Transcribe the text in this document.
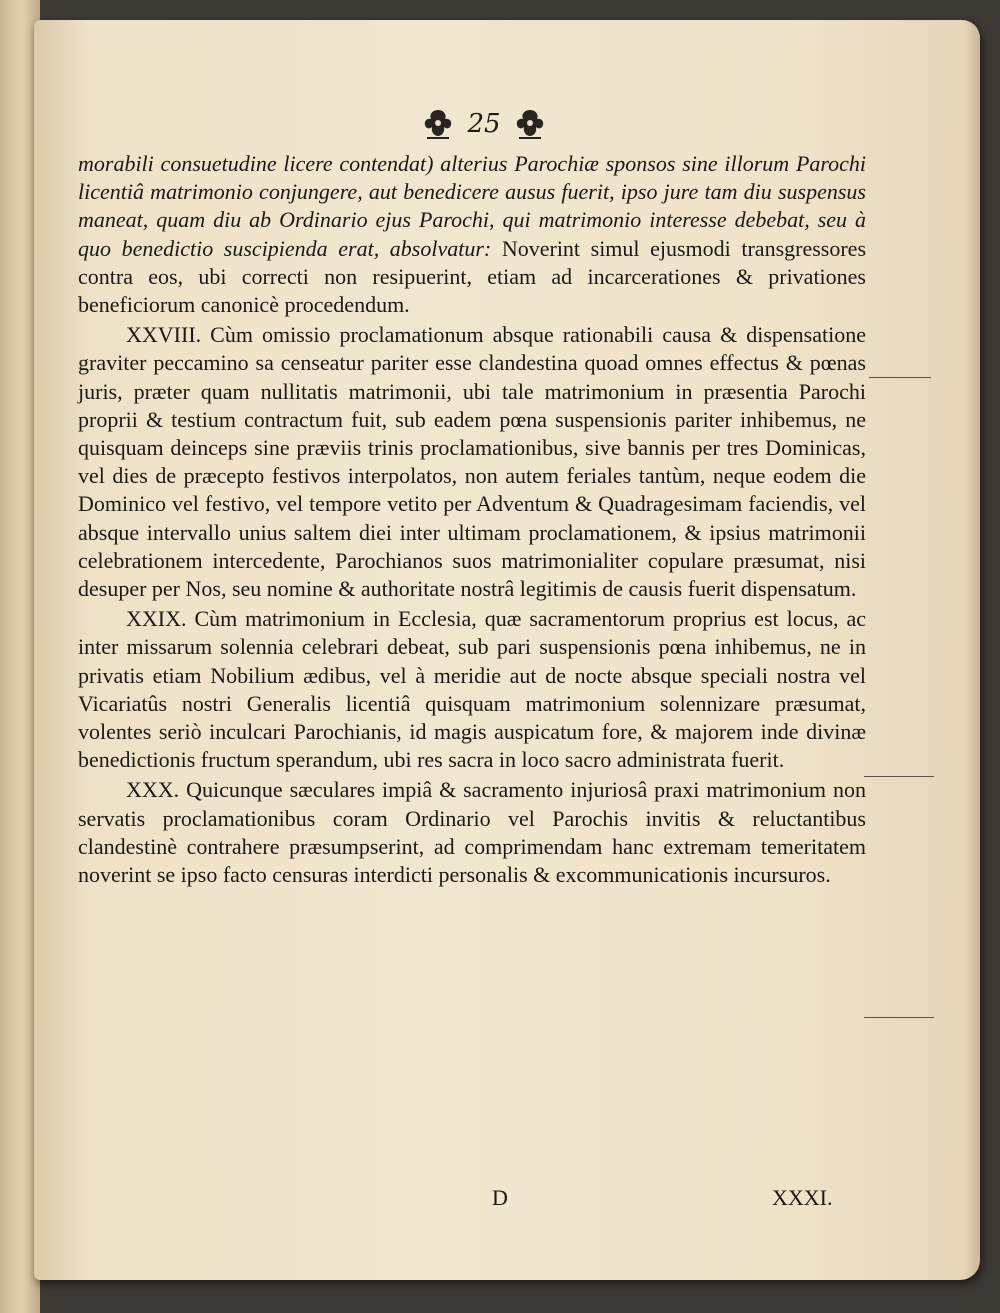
25

morabili consuetudine licere contendat) alterius Parochiæ sponsos sine illorum Parochi licentiâ matrimonio conjungere, aut benedicere ausus fuerit, ipso jure tam diu suspensus maneat, quam diu ab Ordinario ejus Parochi, qui matrimonio interesse debebat, seu à quo benedictio suscipienda erat, absolvatur: Noverint simul ejusmodi transgressores contra eos, ubi correcti non resipuerint, etiam ad incarcerationes & privationes beneficiorum canonicè procedendum.

XXVIII. Cùm omissio proclamationum absque rationabili causa & dispensatione graviter peccamino sa censeatur pariter esse clandestina quoad omnes effectus & pœnas juris, præter quam nullitatis matrimonii, ubi tale matrimonium in præsentia Parochi proprii & testium contractum fuit, sub eadem pœna suspensionis pariter inhibemus, ne quisquam deinceps sine præviis trinis proclamationibus, sive bannis per tres Dominicas, vel dies de præcepto festivos interpolatos, non autem feriales tantùm, neque eodem die Dominico vel festivo, vel tempore vetito per Adventum & Quadragesimam faciendis, vel absque intervallo unius saltem diei inter ultimam proclamationem, & ipsius matrimonii celebrationem intercedente, Parochianos suos matrimonialiter copulare præsumat, nisi desuper per Nos, seu nomine & authoritate nostrâ legitimis de causis fuerit dispensatum.

XXIX. Cùm matrimonium in Ecclesia, quæ sacramentorum proprius est locus, ac inter missarum solennia celebrari debeat, sub pari suspensionis pœna inhibemus, ne in privatis etiam Nobilium ædibus, vel à meridie aut de nocte absque speciali nostra vel Vicariatûs nostri Generalis licentiâ quisquam matrimonium solennizare præsumat, volentes seriò inculcari Parochianis, id magis auspicatum fore, & majorem inde divinæ benedictionis fructum sperandum, ubi res sacra in loco sacro administrata fuerit.

XXX. Quicunque sæculares impiâ & sacramento injuriosâ praxi matrimonium non servatis proclamationibus coram Ordinario vel Parochis invitis & reluctantibus clandestinè contrahere præsumpserint, ad comprimendam hanc extremam temeritatem noverint se ipso facto censuras interdicti personalis & excommunicationis incursuros.

D	XXXI.
